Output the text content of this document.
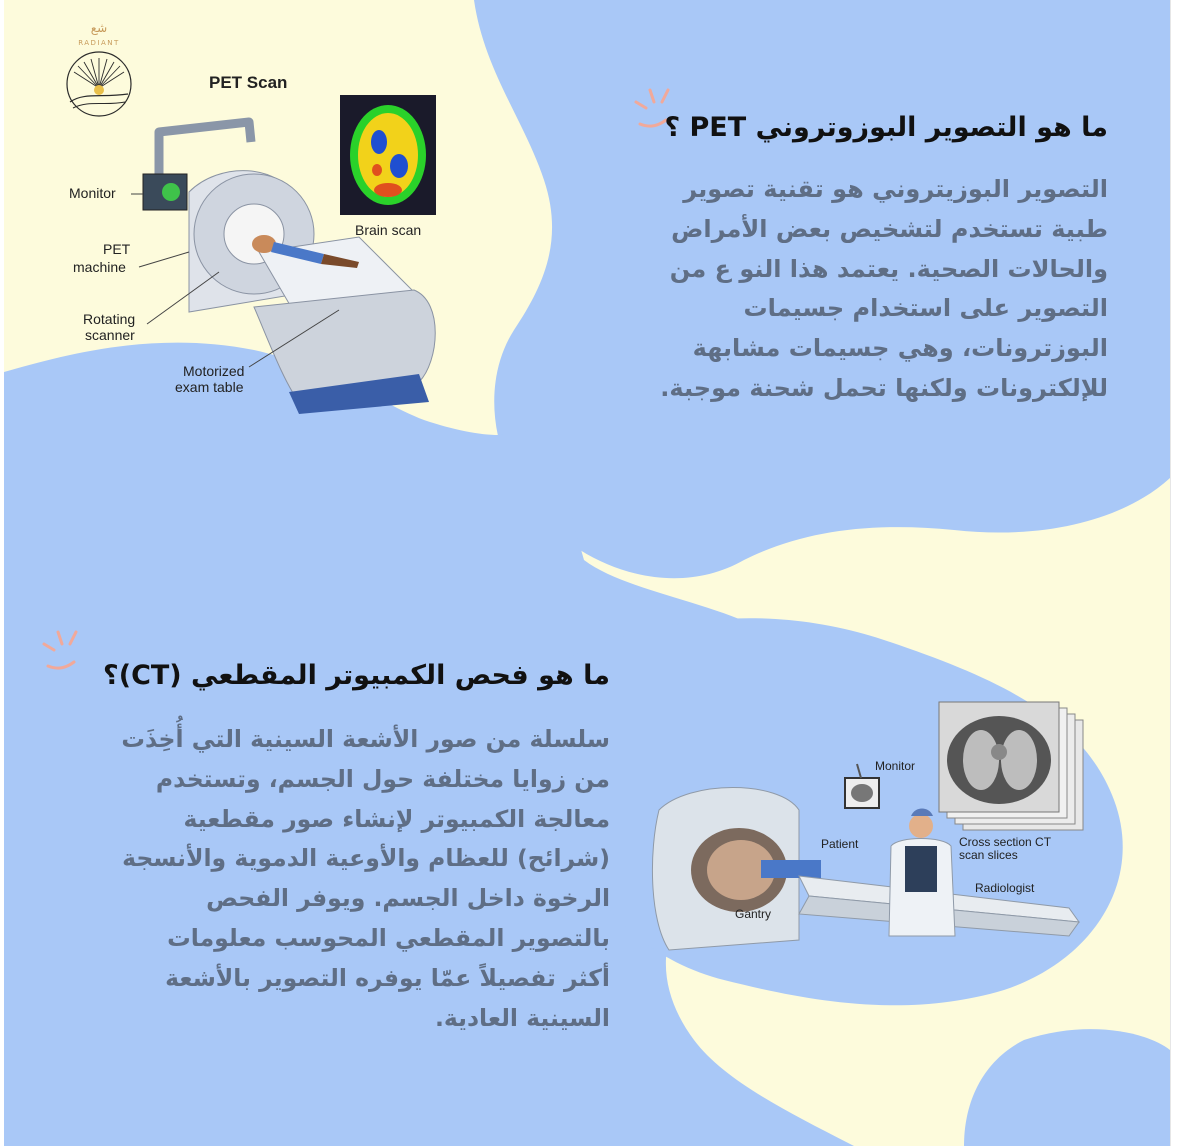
شع
RADIANT
PET Scan
Brain scan
Monitor
PET
machine
Rotating
scanner
Motorized
exam table
ما هو التصوير البوزوتروني PET ؟
التصوير البوزيتروني هو تقنية تصوير
طبية تستخدم لتشخيص بعض الأمراض
والحالات الصحية. يعتمد هذا النو ع من
التصوير على استخدام جسيمات
البوزترونات، وهي جسيمات مشابهة
للإلكترونات ولكنها تحمل شحنة موجبة.
ما هو فحص الكمبيوتر المقطعي (CT)؟
سلسلة من صور الأشعة السينية التي أُخِذَت
من زوايا مختلفة حول الجسم، وتستخدم
معالجة الكمبيوتر لإنشاء صور مقطعية
(شرائح) للعظام والأوعية الدموية والأنسجة
الرخوة داخل الجسم. ويوفر الفحص
بالتصوير المقطعي المحوسب معلومات
أكثر تفصيلاً عمّا يوفره التصوير بالأشعة
السينية العادية.
Cross section CT
scan slices
Monitor
Patient
Gantry
Radiologist
